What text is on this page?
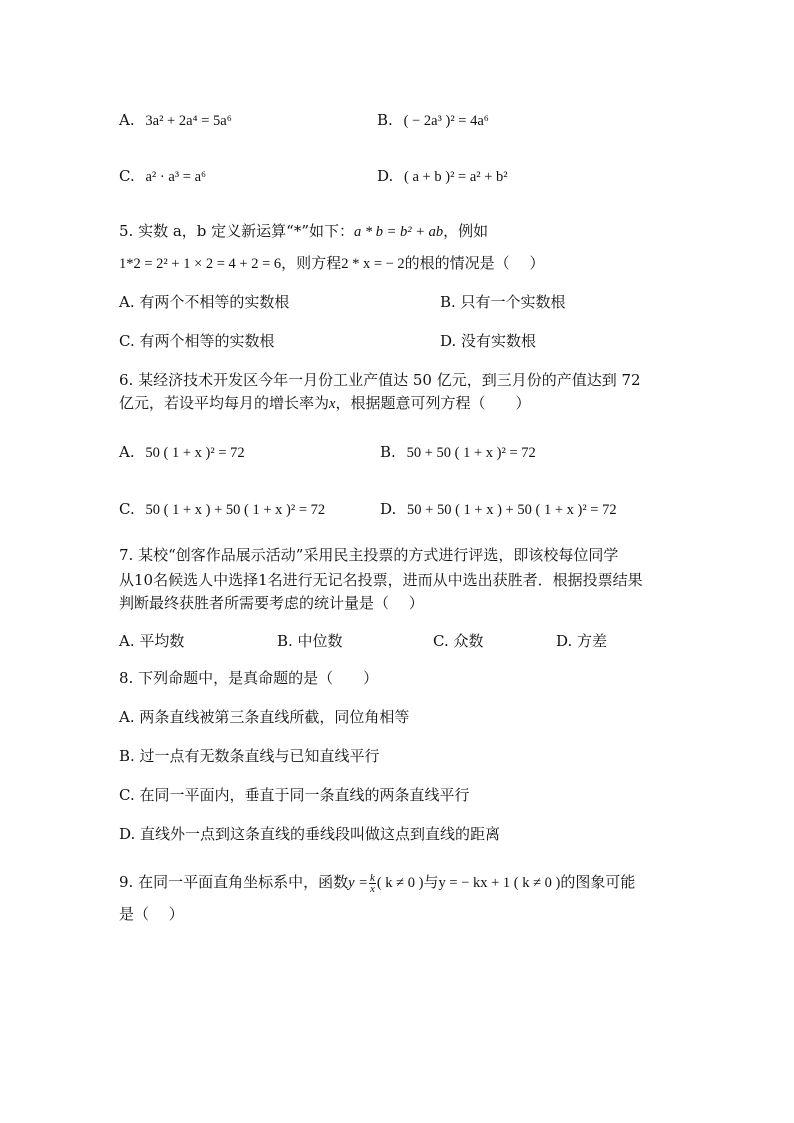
A. 3a² + 2a⁴ = 5a⁶	B. ( − 2a³ )² = 4a⁶
C. a² · a³ = a⁶	D. ( a + b )² = a² + b²
5. 实数 a，b 定义新运算“*”如下：a * b = b² + ab，例如
1*2 = 2² + 1 × 2 = 4 + 2 = 6，则方程2 * x = − 2的根的情况是（　 ）
A. 有两个不相等的实数根	B. 只有一个实数根
C. 有两个相等的实数根	D. 没有实数根
6. 某经济技术开发区今年一月份工业产值达 50 亿元，到三月份的产值达到 72
亿元，若设平均每月的增长率为x，根据题意可列方程（　　）
A. 50 ( 1 + x )² = 72	B. 50 + 50 ( 1 + x )² = 72
C. 50 ( 1 + x ) + 50 ( 1 + x )² = 72	D. 50 + 50 ( 1 + x ) + 50 ( 1 + x )² = 72
7. 某校“创客作品展示活动”采用民主投票的方式进行评选，即该校每位同学
从10名候选人中选择1名进行无记名投票，进而从中选出获胜者．根据投票结果
判断最终获胜者所需要考虑的统计量是（　 ）
A. 平均数	B. 中位数	C. 众数	D. 方差
8. 下列命题中，是真命题的是（　　）
A. 两条直线被第三条直线所截，同位角相等
B. 过一点有无数条直线与已知直线平行
C. 在同一平面内，垂直于同一条直线的两条直线平行
D. 直线外一点到这条直线的垂线段叫做这点到直线的距离
9. 在同一平面直角坐标系中，函数$y = \frac{k}{x}$ ( k ≠ 0 )与y = − kx + 1 ( k ≠ 0 )的图象可能
是（　 ）
